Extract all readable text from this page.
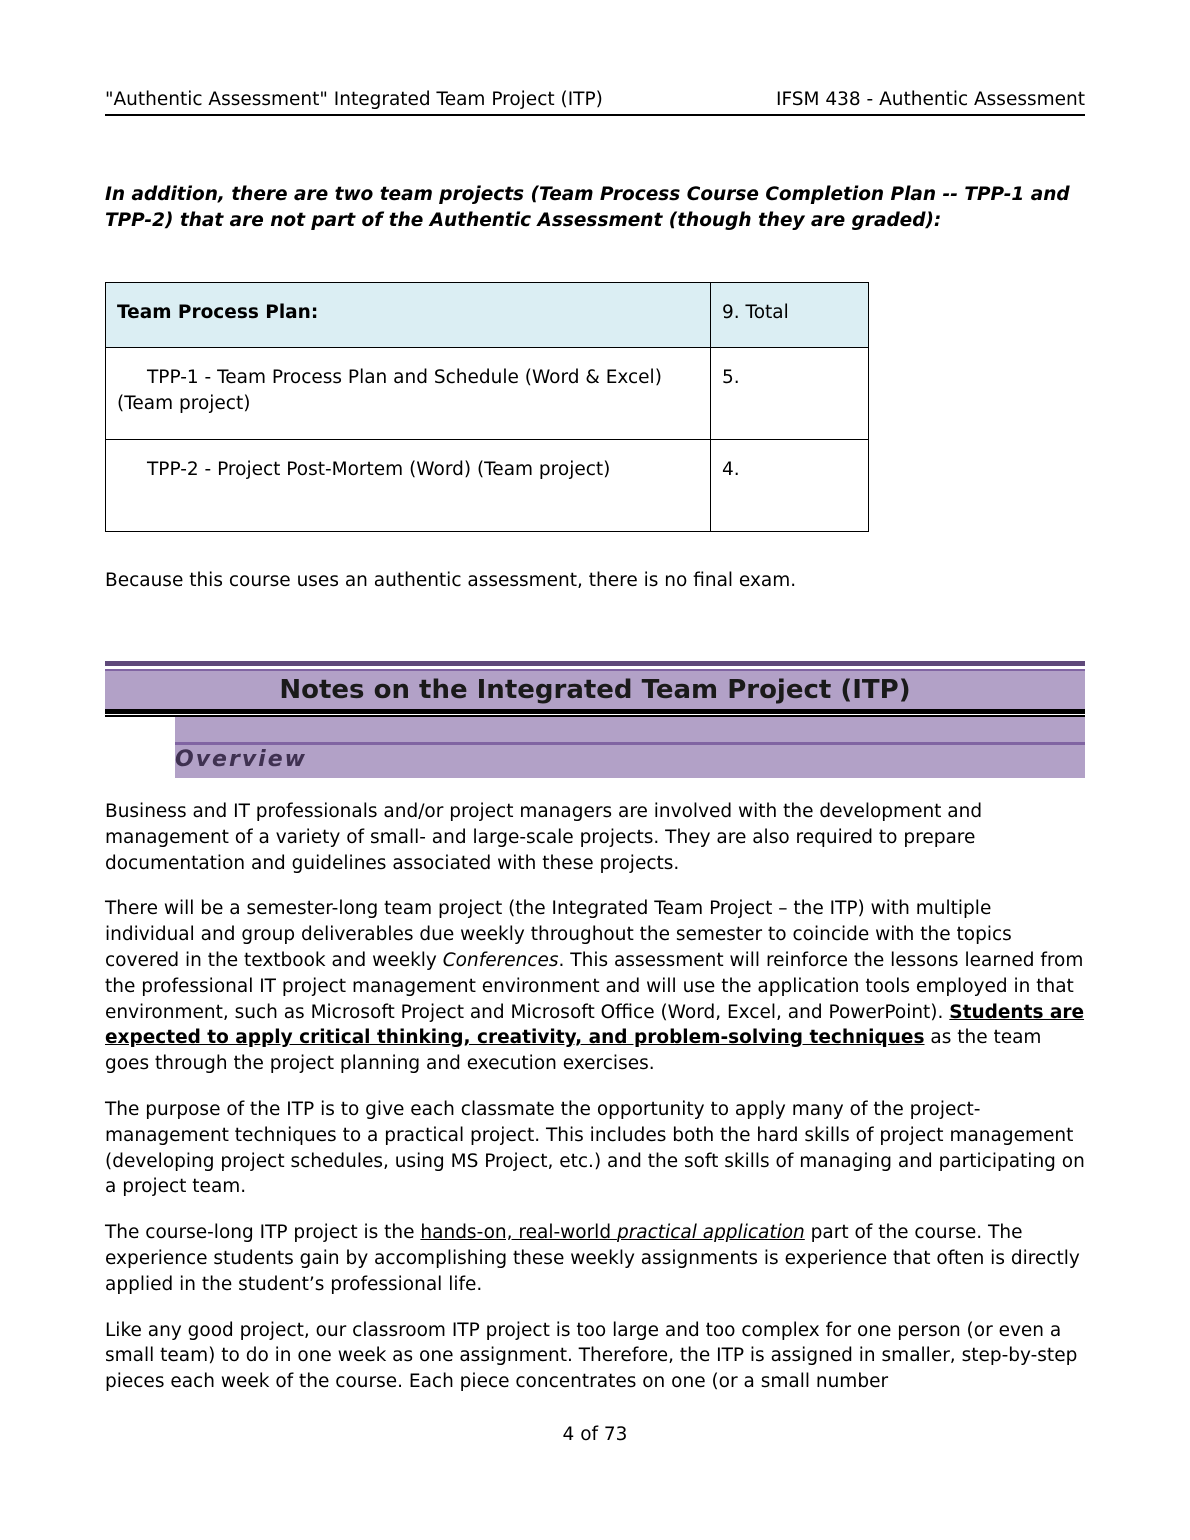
"Authentic Assessment" Integrated Team Project (ITP)	IFSM 438 - Authentic Assessment

In addition, there are two team projects (Team Process Course Completion Plan -- TPP-1 and TPP-2) that are not part of the Authentic Assessment (though they are graded):

Team Process Plan:	9. Total
TPP-1 - Team Process Plan and Schedule (Word & Excel) (Team project)	5.
TPP-2 - Project Post-Mortem (Word) (Team project)	4.

Because this course uses an authentic assessment, there is no final exam.

Notes on the Integrated Team Project (ITP)
Overview

Business and IT professionals and/or project managers are involved with the development and management of a variety of small- and large-scale projects. They are also required to prepare documentation and guidelines associated with these projects.

There will be a semester-long team project (the Integrated Team Project – the ITP) with multiple individual and group deliverables due weekly throughout the semester to coincide with the topics covered in the textbook and weekly Conferences. This assessment will reinforce the lessons learned from the professional IT project management environment and will use the application tools employed in that environment, such as Microsoft Project and Microsoft Office (Word, Excel, and PowerPoint). Students are expected to apply critical thinking, creativity, and problem-solving techniques as the team goes through the project planning and execution exercises.

The purpose of the ITP is to give each classmate the opportunity to apply many of the project-management techniques to a practical project. This includes both the hard skills of project management (developing project schedules, using MS Project, etc.) and the soft skills of managing and participating on a project team.

The course-long ITP project is the hands-on, real-world practical application part of the course. The experience students gain by accomplishing these weekly assignments is experience that often is directly applied in the student’s professional life.

Like any good project, our classroom ITP project is too large and too complex for one person (or even a small team) to do in one week as one assignment. Therefore, the ITP is assigned in smaller, step-by-step pieces each week of the course. Each piece concentrates on one (or a small number

4 of 73
